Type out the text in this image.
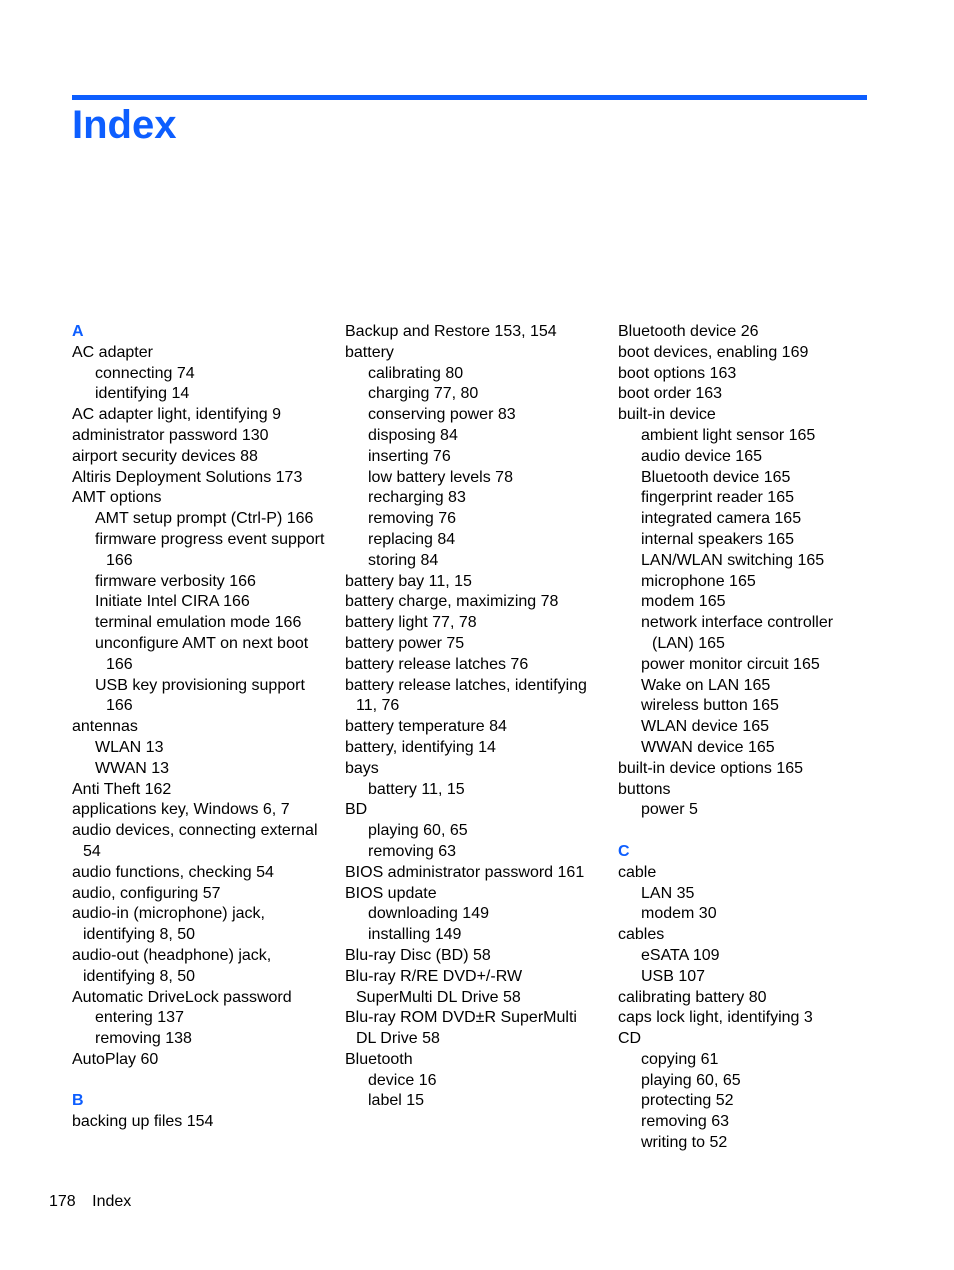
Index
A
AC adapter
connecting 74
identifying 14
AC adapter light, identifying 9
administrator password 130
airport security devices 88
Altiris Deployment Solutions 173
AMT options
AMT setup prompt (Ctrl-P) 166
firmware progress event support 166
firmware verbosity 166
Initiate Intel CIRA 166
terminal emulation mode 166
unconfigure AMT on next boot 166
USB key provisioning support 166
antennas
WLAN 13
WWAN 13
Anti Theft 162
applications key, Windows 6, 7
audio devices, connecting external 54
audio functions, checking 54
audio, configuring 57
audio-in (microphone) jack, identifying 8, 50
audio-out (headphone) jack, identifying 8, 50
Automatic DriveLock password
entering 137
removing 138
AutoPlay 60
B
backing up files 154
Backup and Restore 153, 154
battery
calibrating 80
charging 77, 80
conserving power 83
disposing 84
inserting 76
low battery levels 78
recharging 83
removing 76
replacing 84
storing 84
battery bay 11, 15
battery charge, maximizing 78
battery light 77, 78
battery power 75
battery release latches 76
battery release latches, identifying 11, 76
battery temperature 84
battery, identifying 14
bays
battery 11, 15
BD
playing 60, 65
removing 63
BIOS administrator password 161
BIOS update
downloading 149
installing 149
Blu-ray Disc (BD) 58
Blu-ray R/RE DVD+/-RW SuperMulti DL Drive 58
Blu-ray ROM DVD±R SuperMulti DL Drive 58
Bluetooth
device 16
label 15
Bluetooth device 26
boot devices, enabling 169
boot options 163
boot order 163
built-in device
ambient light sensor 165
audio device 165
Bluetooth device 165
fingerprint reader 165
integrated camera 165
internal speakers 165
LAN/WLAN switching 165
microphone 165
modem 165
network interface controller (LAN) 165
power monitor circuit 165
Wake on LAN 165
wireless button 165
WLAN device 165
WWAN device 165
built-in device options 165
buttons
power 5
C
cable
LAN 35
modem 30
cables
eSATA 109
USB 107
calibrating battery 80
caps lock light, identifying 3
CD
copying 61
playing 60, 65
protecting 52
removing 63
writing to 52
178 Index
